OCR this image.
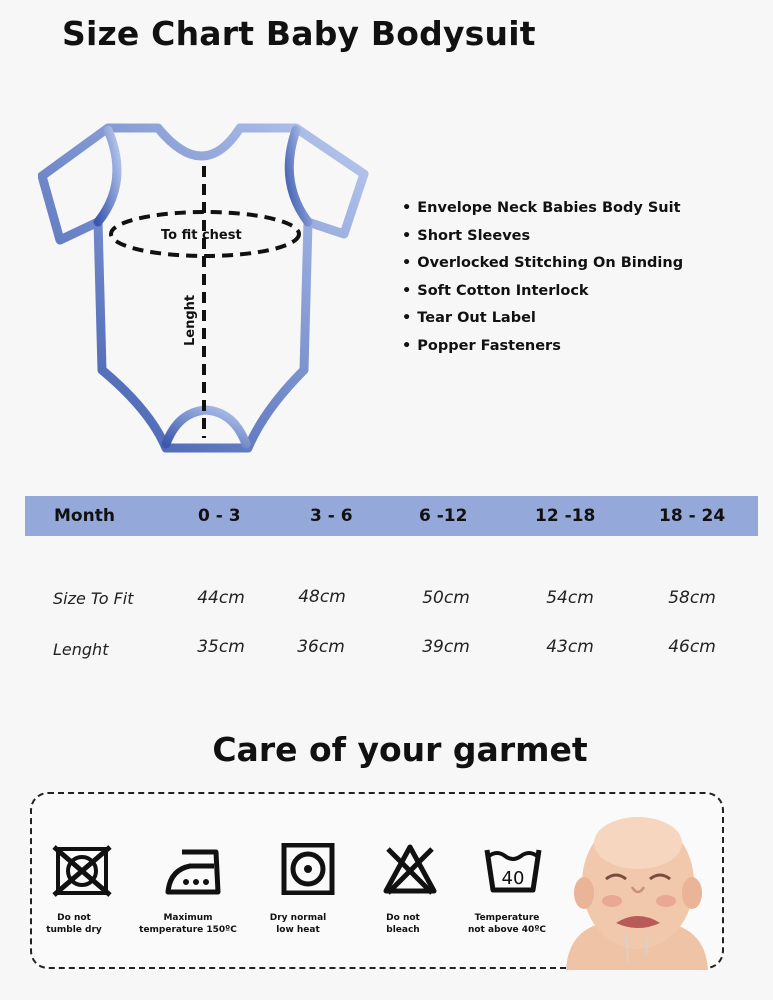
Size Chart Baby Bodysuit
To fit chest
Lenght
• Envelope Neck Babies Body Suit
• Short Sleeves
• Overlocked Stitching On Binding
• Soft Cotton Interlock
• Tear Out Label
• Popper Fasteners
Month	0 - 3	3 - 6	6 -12	12 -18	18 - 24
Size To Fit	44cm	48cm	50cm	54cm	58cm
Lenght	35cm	36cm	39cm	43cm	46cm
Care of your garmet
40
Do not
tumble dry
Maximum
temperature 150ºC
Dry normal
low heat
Do not
bleach
Temperature
not above 40ºC
